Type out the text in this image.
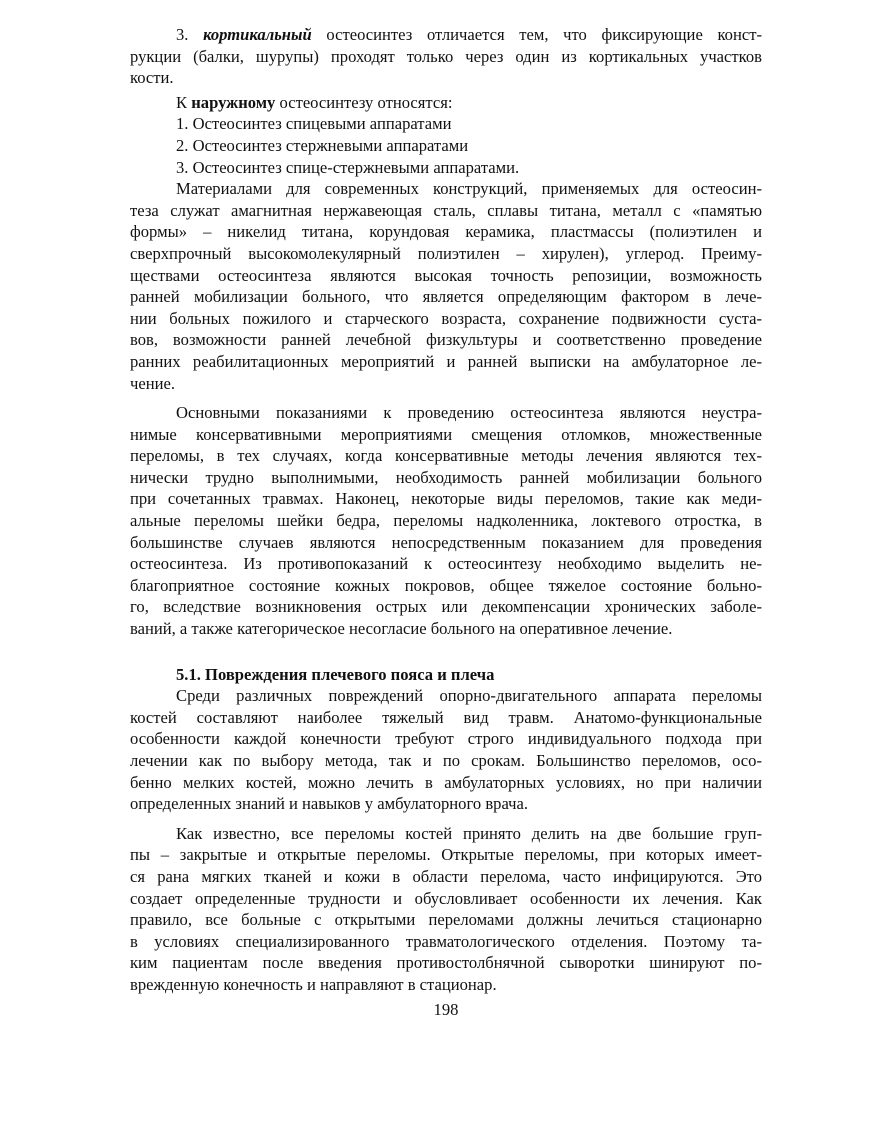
3. кортикальный остеосинтез отличается тем, что фиксирующие конст-
рукции (балки, шурупы) проходят только через один из кортикальных участков
кости.
К наружному остеосинтезу относятся:
1. Остеосинтез спицевыми аппаратами
2. Остеосинтез стержневыми аппаратами
3. Остеосинтез спице-стержневыми аппаратами.
Материалами для современных конструкций, применяемых для остеосин-
теза служат амагнитная нержавеющая сталь, сплавы титана, металл с «памятью
формы» – никелид титана, корундовая керамика, пластмассы (полиэтилен и
сверхпрочный высокомолекулярный полиэтилен – хирулен), углерод. Преиму-
ществами остеосинтеза являются высокая точность репозиции, возможность
ранней мобилизации больного, что является определяющим фактором в лече-
нии больных пожилого и старческого возраста, сохранение подвижности суста-
вов, возможности ранней лечебной физкультуры и соответственно проведение
ранних реабилитационных мероприятий и ранней выписки на амбулаторное ле-
чение.
Основными показаниями к проведению остеосинтеза являются неустра-
нимые консервативными мероприятиями смещения отломков, множественные
переломы, в тех случаях, когда консервативные методы лечения являются тех-
нически трудно выполнимыми, необходимость ранней мобилизации больного
при сочетанных травмах. Наконец, некоторые виды переломов, такие как меди-
альные переломы шейки бедра, переломы надколенника, локтевого отростка, в
большинстве случаев являются непосредственным показанием для проведения
остеосинтеза. Из противопоказаний к остеосинтезу необходимо выделить не-
благоприятное состояние кожных покровов, общее тяжелое состояние больно-
го, вследствие возникновения острых или декомпенсации хронических заболе-
ваний, а также категорическое несогласие больного на оперативное лечение.
5.1. Повреждения плечевого пояса и плеча
Среди различных повреждений опорно-двигательного аппарата переломы
костей составляют наиболее тяжелый вид травм. Анатомо-функциональные
особенности каждой конечности требуют строго индивидуального подхода при
лечении как по выбору метода, так и по срокам. Большинство переломов, осо-
бенно мелких костей, можно лечить в амбулаторных условиях, но при наличии
определенных знаний и навыков у амбулаторного врача.
Как известно, все переломы костей принято делить на две большие груп-
пы – закрытые и открытые переломы. Открытые переломы, при которых имеет-
ся рана мягких тканей и кожи в области перелома, часто инфицируются. Это
создает определенные трудности и обусловливает особенности их лечения. Как
правило, все больные с открытыми переломами должны лечиться стационарно
в условиях специализированного травматологического отделения. Поэтому та-
ким пациентам после введения противостолбнячной сыворотки шинируют по-
врежденную конечность и направляют в стационар.
198
